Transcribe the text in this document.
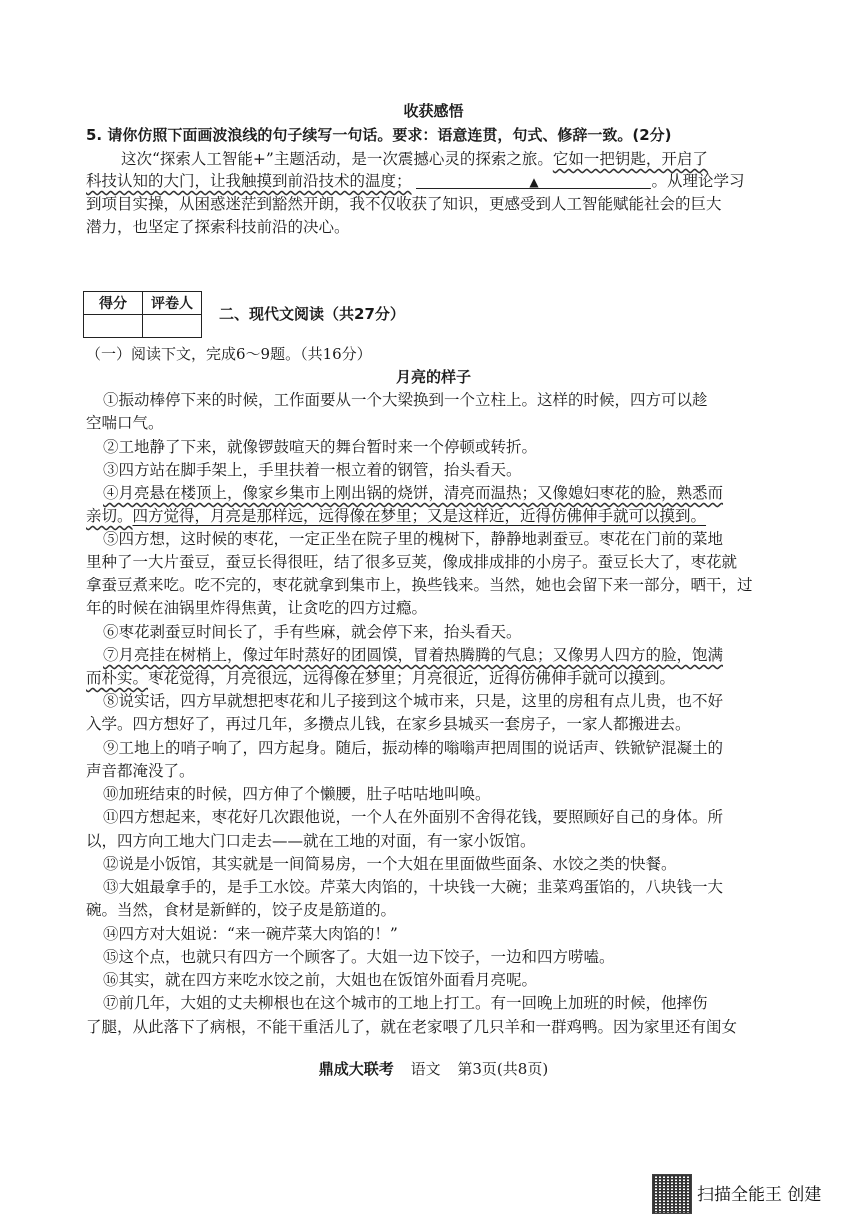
收获感悟
5. 请你仿照下面画波浪线的句子续写一句话。要求：语意连贯，句式、修辞一致。(2分)
这次“探索人工智能+”主题活动，是一次震撼心灵的探索之旅。它如一把钥匙，开启了
科技认知的大门，让我触摸到前沿技术的温度；	▲	。从理论学习
到项目实操，从困惑迷茫到豁然开朗，我不仅收获了知识，更感受到人工智能赋能社会的巨大
潜力，也坚定了探索科技前沿的决心。
得分	评卷人

二、现代文阅读（共27分）
（一）阅读下文，完成6～9题。（共16分）
月亮的样子
①振动棒停下来的时候，工作面要从一个大梁换到一个立柱上。这样的时候，四方可以趁
空喘口气。
②工地静了下来，就像锣鼓喧天的舞台暂时来一个停顿或转折。
③四方站在脚手架上，手里扶着一根立着的钢管，抬头看天。
④月亮悬在楼顶上，像家乡集市上刚出锅的烧饼，清亮而温热；又像媳妇枣花的脸，熟悉而
亲切。四方觉得，月亮是那样远，远得像在梦里；又是这样近，近得仿佛伸手就可以摸到。
⑤四方想，这时候的枣花，一定正坐在院子里的槐树下，静静地剥蚕豆。枣花在门前的菜地
里种了一大片蚕豆，蚕豆长得很旺，结了很多豆荚，像成排成排的小房子。蚕豆长大了，枣花就
拿蚕豆煮来吃。吃不完的，枣花就拿到集市上，换些钱来。当然，她也会留下来一部分，晒干，过
年的时候在油锅里炸得焦黄，让贪吃的四方过瘾。
⑥枣花剥蚕豆时间长了，手有些麻，就会停下来，抬头看天。
⑦月亮挂在树梢上，像过年时蒸好的团圆馍，冒着热腾腾的气息；又像男人四方的脸，饱满
而朴实。枣花觉得，月亮很远，远得像在梦里；月亮很近，近得仿佛伸手就可以摸到。
⑧说实话，四方早就想把枣花和儿子接到这个城市来，只是，这里的房租有点儿贵，也不好
入学。四方想好了，再过几年，多攒点儿钱，在家乡县城买一套房子，一家人都搬进去。
⑨工地上的哨子响了，四方起身。随后，振动棒的嗡嗡声把周围的说话声、铁锨铲混凝土的
声音都淹没了。
⑩加班结束的时候，四方伸了个懒腰，肚子咕咕地叫唤。
⑪四方想起来，枣花好几次跟他说，一个人在外面别不舍得花钱，要照顾好自己的身体。所
以，四方向工地大门口走去——就在工地的对面，有一家小饭馆。
⑫说是小饭馆，其实就是一间简易房，一个大姐在里面做些面条、水饺之类的快餐。
⑬大姐最拿手的，是手工水饺。芹菜大肉馅的，十块钱一大碗；韭菜鸡蛋馅的，八块钱一大
碗。当然，食材是新鲜的，饺子皮是筋道的。
⑭四方对大姐说：“来一碗芹菜大肉馅的！”
⑮这个点，也就只有四方一个顾客了。大姐一边下饺子，一边和四方唠嗑。
⑯其实，就在四方来吃水饺之前，大姐也在饭馆外面看月亮呢。
⑰前几年，大姐的丈夫柳根也在这个城市的工地上打工。有一回晚上加班的时候，他摔伤
了腿，从此落下了病根，不能干重活儿了，就在老家喂了几只羊和一群鸡鸭。因为家里还有闺女
鼎成大联考 语文 第3页(共8页)
扫描全能王 创建
